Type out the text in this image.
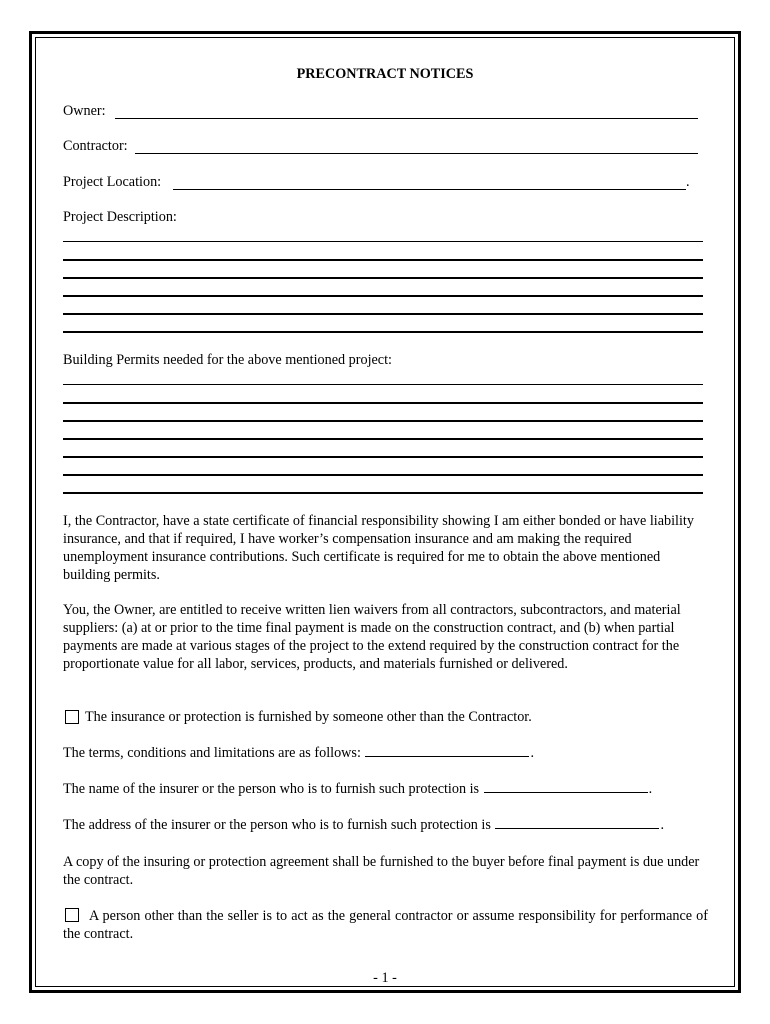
PRECONTRACT NOTICES
Owner:
Contractor:
Project Location:	.
Project Description:
Building Permits needed for the above mentioned project:
I, the Contractor, have a state certificate of financial responsibility showing I am either bonded or have liability insurance, and that if required, I have worker’s compensation insurance and am making the required unemployment insurance contributions. Such certificate is required for me to obtain the above mentioned building permits.
You, the Owner, are entitled to receive written lien waivers from all contractors, subcontractors, and material suppliers: (a) at or prior to the time final payment is made on the construction contract, and (b) when partial payments are made at various stages of the project to the extend required by the construction contract for the proportionate value for all labor, services, products, and materials furnished or delivered.
The insurance or protection is furnished by someone other than the Contractor.
The terms, conditions and limitations are as follows:	.
The name of the insurer or the person who is to furnish such protection is	.
The address of the insurer or the person who is to furnish such protection is	.
A copy of the insuring or protection agreement shall be furnished to the buyer before final payment is due under the contract.
A person other than the seller is to act as the general contractor or assume responsibility for performance of the contract.
- 1 -
